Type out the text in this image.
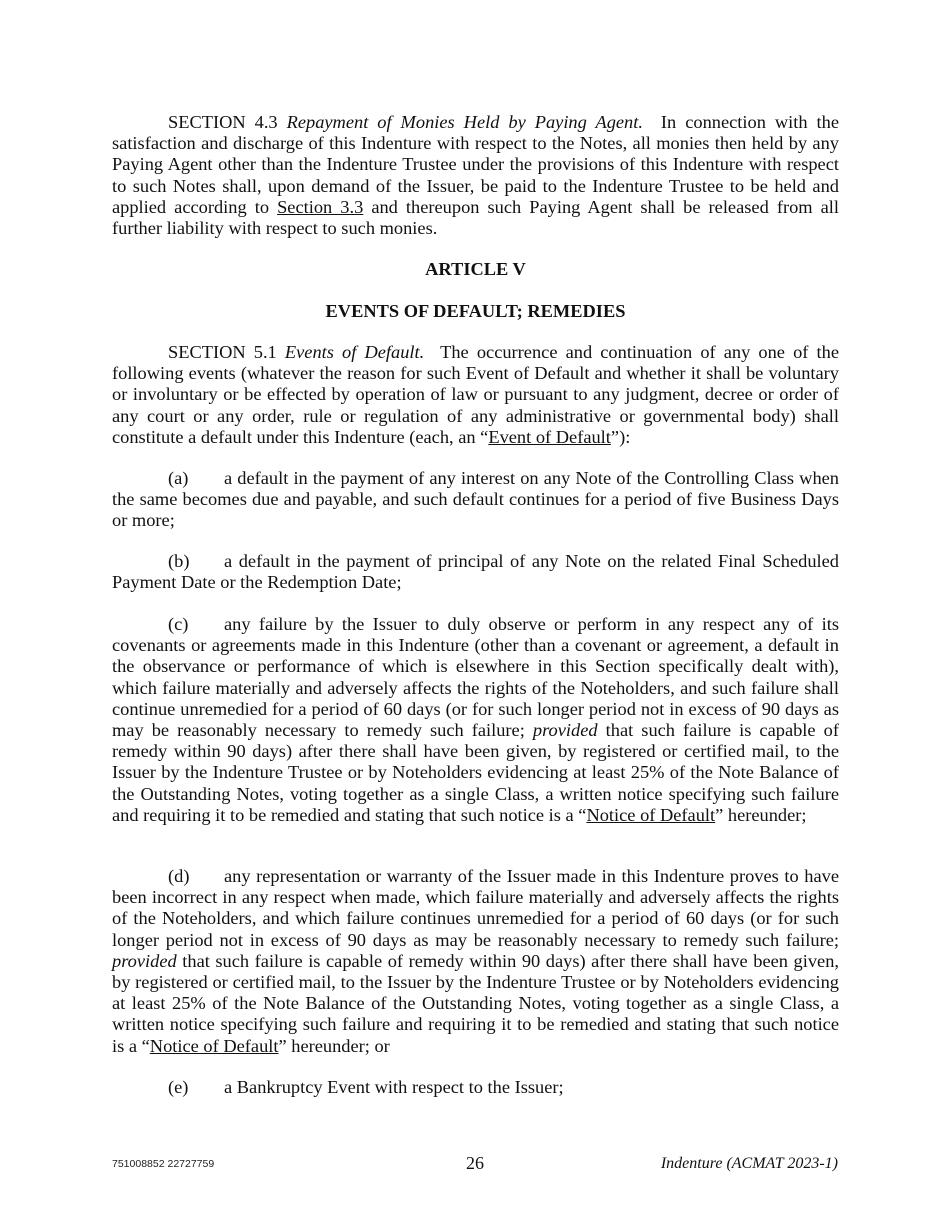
SECTION 4.3 Repayment of Monies Held by Paying Agent. In connection with the satisfaction and discharge of this Indenture with respect to the Notes, all monies then held by any Paying Agent other than the Indenture Trustee under the provisions of this Indenture with respect to such Notes shall, upon demand of the Issuer, be paid to the Indenture Trustee to be held and applied according to Section 3.3 and thereupon such Paying Agent shall be released from all further liability with respect to such monies.

ARTICLE V

EVENTS OF DEFAULT; REMEDIES

SECTION 5.1 Events of Default. The occurrence and continuation of any one of the following events (whatever the reason for such Event of Default and whether it shall be voluntary or involuntary or be effected by operation of law or pursuant to any judgment, decree or order of any court or any order, rule or regulation of any administrative or governmental body) shall constitute a default under this Indenture (each, an “Event of Default”):

(a) a default in the payment of any interest on any Note of the Controlling Class when the same becomes due and payable, and such default continues for a period of five Business Days or more;

(b) a default in the payment of principal of any Note on the related Final Scheduled Payment Date or the Redemption Date;

(c) any failure by the Issuer to duly observe or perform in any respect any of its covenants or agreements made in this Indenture (other than a covenant or agreement, a default in the observance or performance of which is elsewhere in this Section specifically dealt with), which failure materially and adversely affects the rights of the Noteholders, and such failure shall continue unremedied for a period of 60 days (or for such longer period not in excess of 90 days as may be reasonably necessary to remedy such failure; provided that such failure is capable of remedy within 90 days) after there shall have been given, by registered or certified mail, to the Issuer by the Indenture Trustee or by Noteholders evidencing at least 25% of the Note Balance of the Outstanding Notes, voting together as a single Class, a written notice specifying such failure and requiring it to be remedied and stating that such notice is a “Notice of Default” hereunder;

(d) any representation or warranty of the Issuer made in this Indenture proves to have been incorrect in any respect when made, which failure materially and adversely affects the rights of the Noteholders, and which failure continues unremedied for a period of 60 days (or for such longer period not in excess of 90 days as may be reasonably necessary to remedy such failure; provided that such failure is capable of remedy within 90 days) after there shall have been given, by registered or certified mail, to the Issuer by the Indenture Trustee or by Noteholders evidencing at least 25% of the Note Balance of the Outstanding Notes, voting together as a single Class, a written notice specifying such failure and requiring it to be remedied and stating that such notice is a “Notice of Default” hereunder; or

(e) a Bankruptcy Event with respect to the Issuer;

751008852 22727759	26	Indenture (ACMAT 2023-1)
